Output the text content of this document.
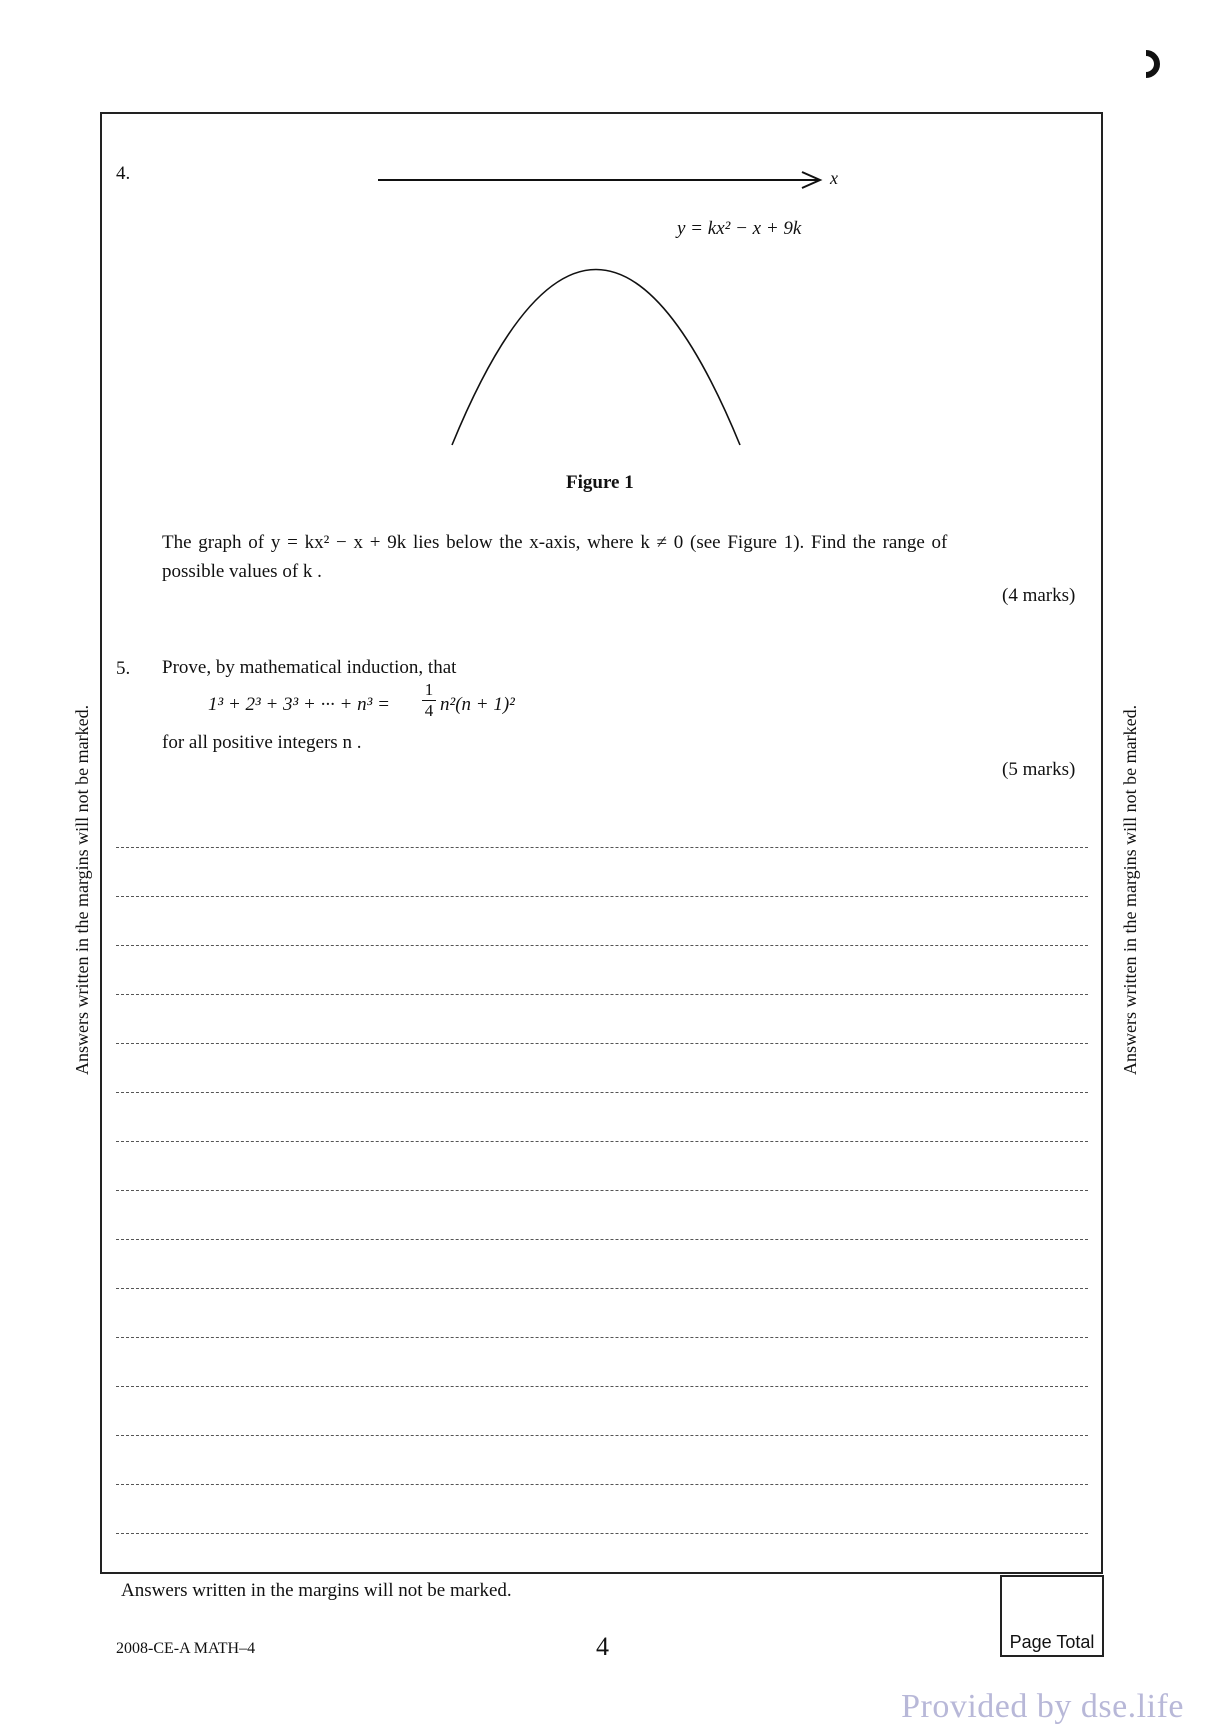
Answers written in the margins will not be marked.	Answers written in the margins will not be marked.
4.	x
y = kx² − x + 9k
Figure 1
The graph of y = kx² − x + 9k lies below the x-axis, where k ≠ 0 (see Figure 1). Find the range of
possible values of k .
(4 marks)
5. Prove, by mathematical induction, that
1³ + 2³ + 3³ + ··· + $n^3 = \frac{1}{4} n^2(n + 1)^2$
for all positive integers n .
(5 marks)
Answers written in the margins will not be marked.
2008-CE-A MATH–4	4	Page Total
Provided by dse.life
